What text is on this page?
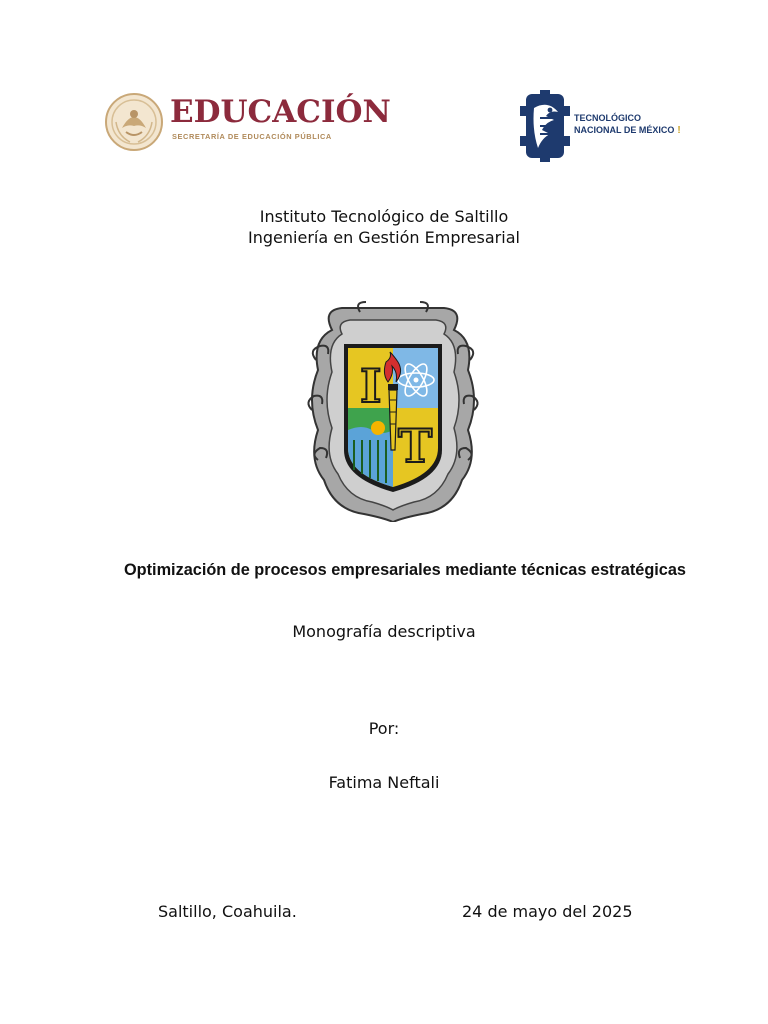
EDUCACIÓN
SECRETARÍA DE EDUCACIÓN PÚBLICA
TECNOLÓGICO
NACIONAL DE MÉXICO !
Instituto Tecnológico de Saltillo
Ingeniería en Gestión Empresarial
I
T
Optimización de procesos empresariales mediante técnicas estratégicas
Monografía descriptiva
Por:
Fatima Neftali
Saltillo, Coahuila.	24 de mayo del 2025
